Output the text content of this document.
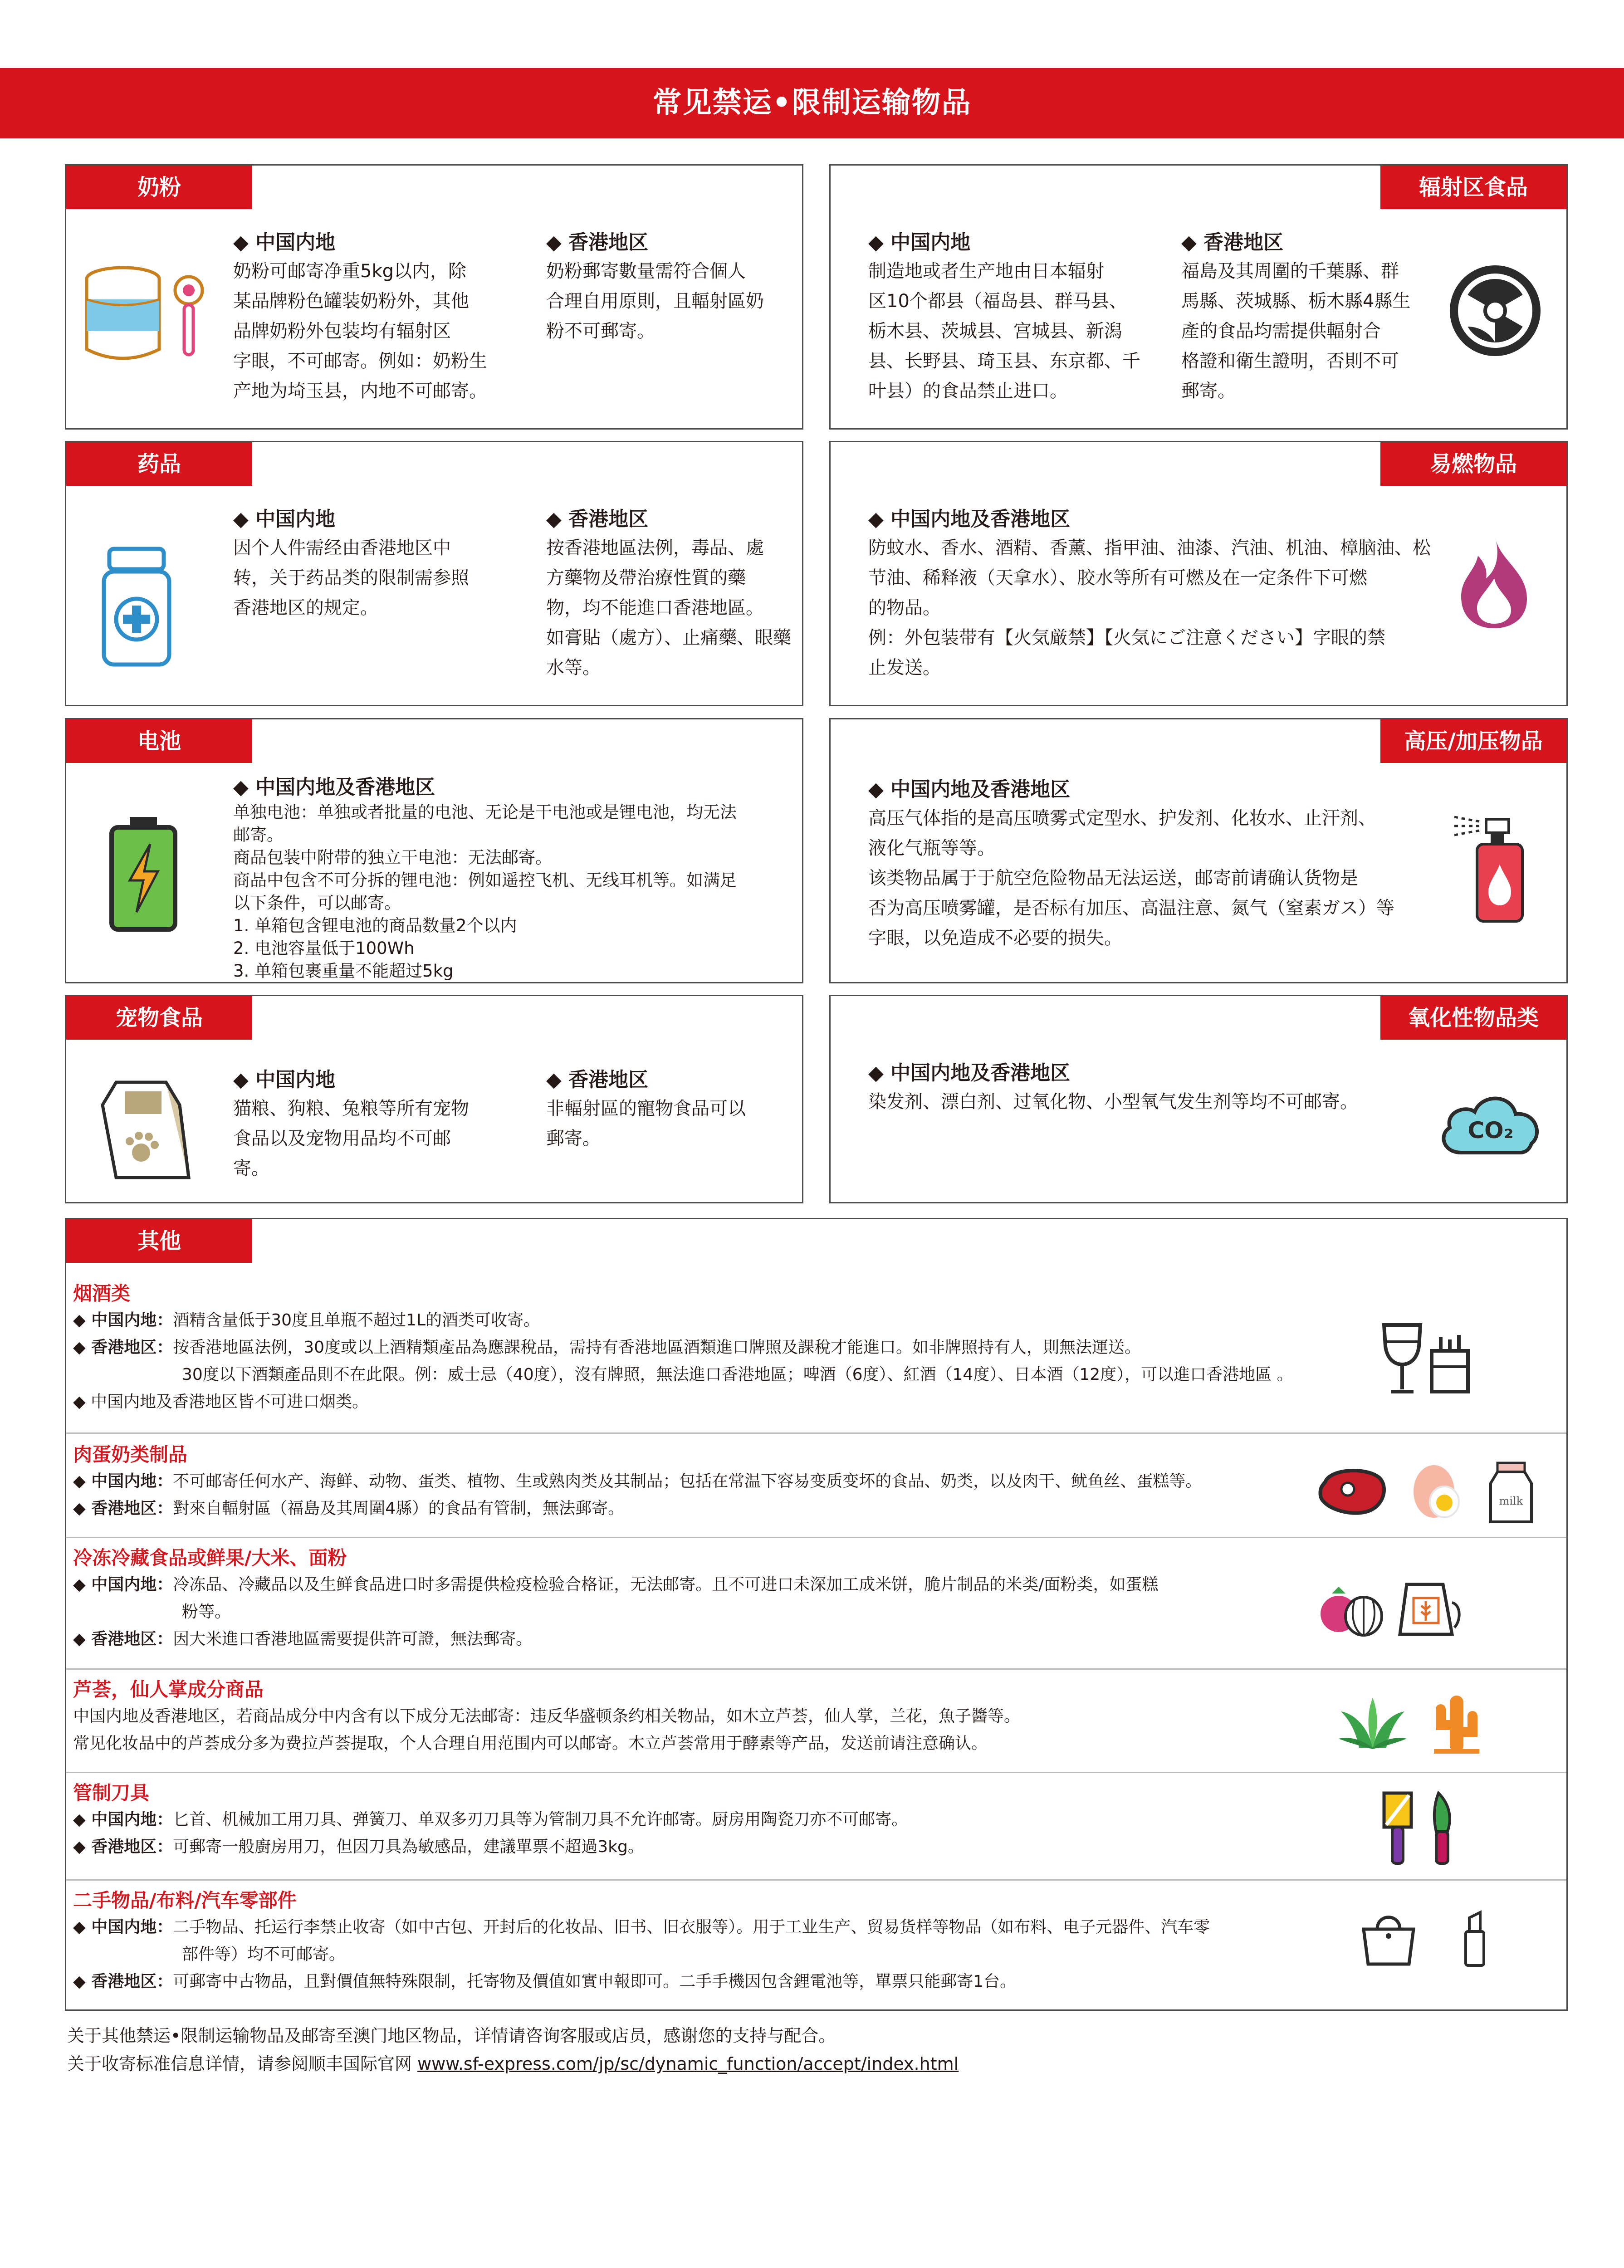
常见禁运•限制运输物品
奶粉

◆ 中国内地

奶粉可邮寄净重5kg以内，除

某品牌粉色罐装奶粉外，其他

品牌奶粉外包装均有辐射区

字眼，不可邮寄。例如：奶粉生

产地为埼玉县，内地不可邮寄。

◆ 香港地区

奶粉郵寄數量需符合個人

合理自用原則，且輻射區奶

粉不可郵寄。

辐射区食品

◆ 中国内地

制造地或者生产地由日本辐射

区10个都县（福岛县、群马县、

栃木县、茨城县、宫城县、新潟

县、长野县、琦玉县、东京都、千

叶县）的食品禁止进口。

◆ 香港地区

福島及其周圍的千葉縣、群

馬縣、茨城縣、栃木縣4縣生

產的食品均需提供輻射合

格證和衛生證明，否則不可

郵寄。

药品

◆ 中国内地

因个人件需经由香港地区中

转，关于药品类的限制需参照

香港地区的规定。

◆ 香港地区

按香港地區法例，毒品、處

方藥物及帶治療性質的藥

物，均不能進口香港地區。

如膏貼（處方）、止痛藥、眼藥

水等。

易燃物品

◆ 中国内地及香港地区

防蚊水、香水、酒精、香薰、指甲油、油漆、汽油、机油、樟脑油、松

节油、稀释液（天拿水）、胶水等所有可燃及在一定条件下可燃

的物品。

例：外包装带有【火気厳禁】【火気にご注意ください】字眼的禁

止发送。

电池

◆ 中国内地及香港地区

单独电池：单独或者批量的电池、无论是干电池或是锂电池，均无法

邮寄。

商品包装中附带的独立干电池：无法邮寄。

商品中包含不可分拆的锂电池：例如遥控飞机、无线耳机等。如满足

以下条件，可以邮寄。

1. 单箱包含锂电池的商品数量2个以内

2. 电池容量低于100Wh

3. 单箱包裹重量不能超过5kg

高压/加压物品

◆ 中国内地及香港地区

高压气体指的是高压喷雾式定型水、护发剂、化妆水、止汗剂、

液化气瓶等等。

该类物品属于于航空危险物品无法运送，邮寄前请确认货物是

否为高压喷雾罐，是否标有加压、高温注意、氮气（窒素ガス）等

字眼，以免造成不必要的损失。

宠物食品

◆ 中国内地

猫粮、狗粮、兔粮等所有宠物

食品以及宠物用品均不可邮

寄。

◆ 香港地区

非輻射區的寵物食品可以

郵寄。

氧化性物品类

◆ 中国内地及香港地区

染发剂、漂白剂、过氧化物、小型氧气发生剂等均不可邮寄。

CO₂
其他

烟酒类

◆ 中国内地：酒精含量低于30度且单瓶不超过1L的酒类可收寄。

◆ 香港地区：按香港地區法例，30度或以上酒精類產品為應課稅品，需持有香港地區酒類進口牌照及課稅才能進口。如非牌照持有人，則無法運送。

30度以下酒類產品則不在此限。例：威士忌（40度），沒有牌照，無法進口香港地區；啤酒（6度）、紅酒（14度）、日本酒（12度），可以進口香港地區 。

◆ 中国内地及香港地区皆不可进口烟类。

肉蛋奶类制品

◆ 中国内地：不可邮寄任何水产、海鲜、动物、蛋类、植物、生或熟肉类及其制品；包括在常温下容易变质变坏的食品、奶类，以及肉干、鱿鱼丝、蛋糕等。

◆ 香港地区：對來自輻射區（福島及其周圍4縣）的食品有管制，無法郵寄。	milk

冷冻冷藏食品或鲜果/大米、面粉

◆ 中国内地：冷冻品、冷藏品以及生鲜食品进口时多需提供检疫检验合格证，无法邮寄。且不可进口未深加工成米饼，脆片制品的米类/面粉类，如蛋糕

粉等。

◆ 香港地区：因大米進口香港地區需要提供許可證，無法郵寄。

芦荟，仙人掌成分商品

中国内地及香港地区，若商品成分中内含有以下成分无法邮寄：违反华盛顿条约相关物品，如木立芦荟，仙人掌，兰花，魚子醬等。

常见化妆品中的芦荟成分多为费拉芦荟提取，个人合理自用范围内可以邮寄。木立芦荟常用于酵素等产品，发送前请注意确认。

管制刀具

◆ 中国内地：匕首、机械加工用刀具、弹簧刀、单双多刃刀具等为管制刀具不允许邮寄。厨房用陶瓷刀亦不可邮寄。

◆ 香港地区：可郵寄一般廚房用刀，但因刀具為敏感品，建議單票不超過3kg。

二手物品/布料/汽车零部件

◆ 中国内地：二手物品、托运行李禁止收寄（如中古包、开封后的化妆品、旧书、旧衣服等）。用于工业生产、贸易货样等物品（如布料、电子元器件、汽车零

部件等）均不可邮寄。

◆ 香港地区：可郵寄中古物品，且對價值無特殊限制，托寄物及價值如實申報即可。二手手機因包含鋰電池等，單票只能郵寄1台。

关于其他禁运•限制运输物品及邮寄至澳门地区物品，详情请咨询客服或店员，感谢您的支持与配合。
关于收寄标准信息详情，请参阅顺丰国际官网 www.sf-express.com/jp/sc/dynamic_function/accept/index.html
